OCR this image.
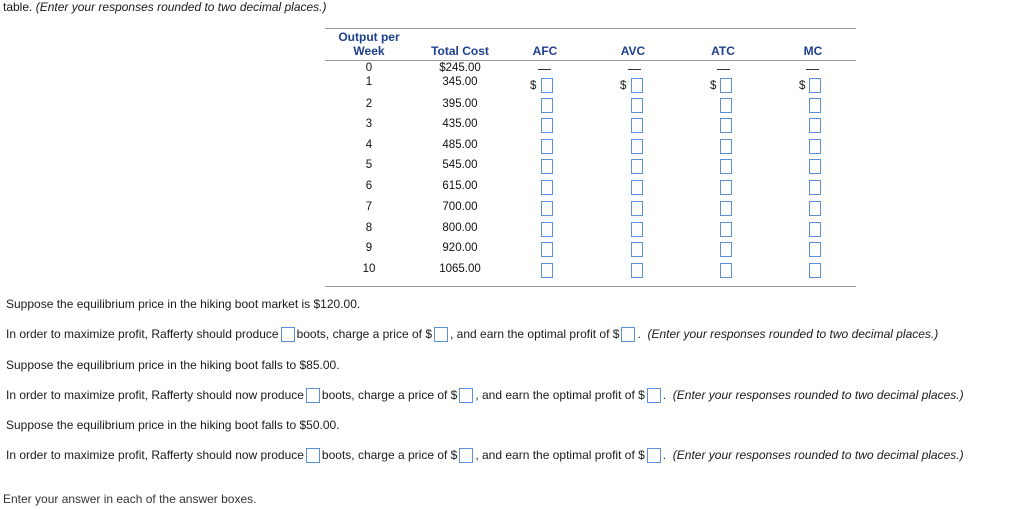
table. (Enter your responses rounded to two decimal places.)
Output per
Week	Total Cost	AFC	AVC	ATC	MC
0	$245.00
1	345.00	$	$	$	$
2	395.00
3	435.00
4	485.00
5	545.00
6	615.00
7	700.00
8	800.00
9	920.00
10	1065.00
Suppose the equilibrium price in the hiking boot market is $120.00.
In order to maximize profit, Rafferty should produce boots, charge a price of $ , and earn the optimal profit of $ . (Enter your responses rounded to two decimal places.)
Suppose the equilibrium price in the hiking boot falls to $85.00.
In order to maximize profit, Rafferty should now produce boots, charge a price of $ , and earn the optimal profit of $ . (Enter your responses rounded to two decimal places.)
Suppose the equilibrium price in the hiking boot falls to $50.00.
In order to maximize profit, Rafferty should now produce boots, charge a price of $ , and earn the optimal profit of $ . (Enter your responses rounded to two decimal places.)
Enter your answer in each of the answer boxes.
